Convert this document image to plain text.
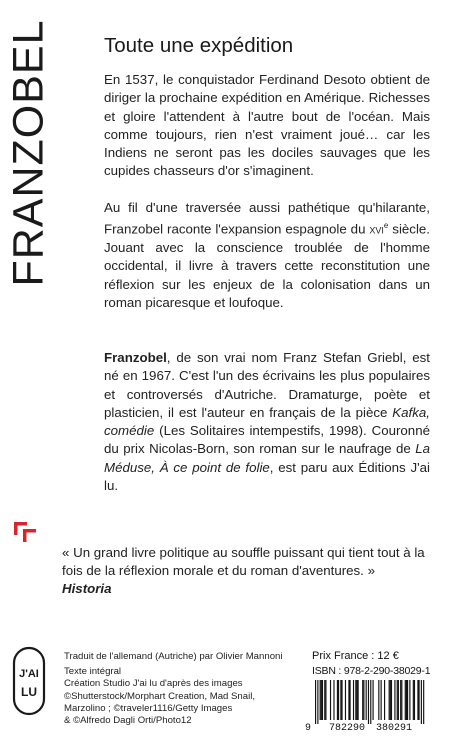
FRANZOBEL	Toute une expédition

En 1537, le conquistador Ferdinand Desoto obtient de diriger la prochaine expédition en Amérique. Richesses et gloire l'attendent à l'autre bout de l'océan. Mais comme toujours, rien n'est vraiment joué… car les Indiens ne seront pas les dociles sauvages que les cupides chasseurs d'or s'imaginent.

Au fil d'une traversée aussi pathétique qu'hilarante, Franzobel raconte l'expansion espagnole du xvi$^e$ siècle. Jouant avec la conscience troublée de l'homme occidental, il livre à travers cette reconstitution une réflexion sur les enjeux de la colonisation dans un roman picaresque et loufoque.

Franzobel, de son vrai nom Franz Stefan Griebl, est né en 1967. C'est l'un des écrivains les plus populaires et controversés d'Autriche. Dramaturge, poète et plasticien, il est l'auteur en français de la pièce Kafka, comédie (Les Solitaires intempestifs, 1998). Couronné du prix Nicolas-Born, son roman sur le naufrage de La Méduse, À ce point de folie, est paru aux Éditions J'ai lu.

« Un grand livre politique au souffle puissant qui tient tout à la fois de la réflexion morale et du roman d'aventures. »

Historia
J'AI
LU
Traduit de l'allemand (Autriche) par Olivier Mannoni
Texte intégral
Création Studio J'ai lu d'après des images
©Shutterstock/Morphart Creation, Mad Snail,
Marzolino ; ©traveler1116/Getty Images
& ©Alfredo Dagli Orti/Photo12
Prix France : 12 €
ISBN : 978-2-290-38029-1
9 782290 380291
